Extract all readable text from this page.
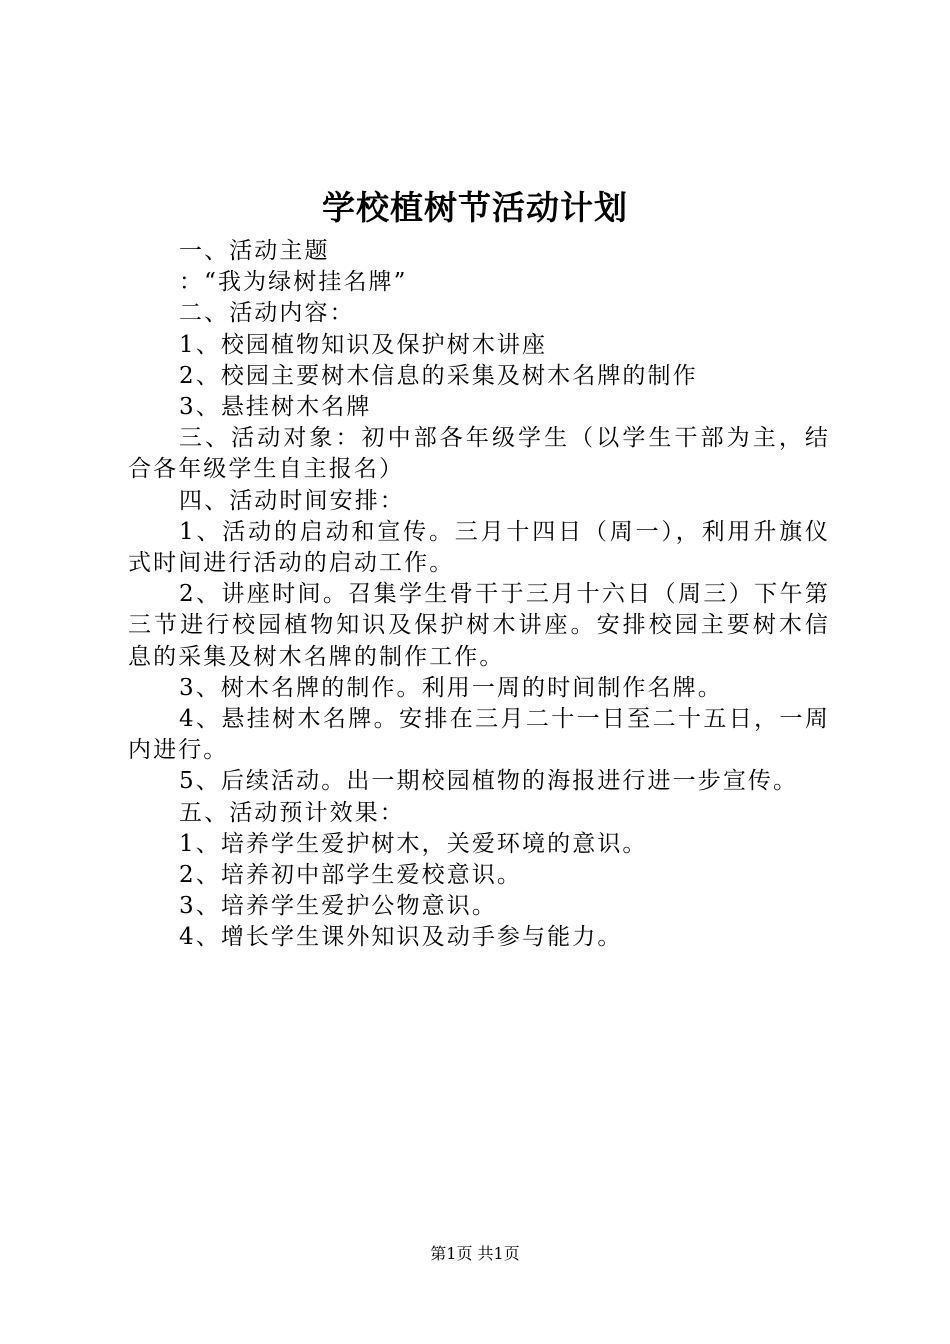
学校植树节活动计划

一、活动主题

：“我为绿树挂名牌”

二、活动内容：

1、校园植物知识及保护树木讲座

2、校园主要树木信息的采集及树木名牌的制作

3、悬挂树木名牌

三、活动对象：初中部各年级学生（以学生干部为主，结合各年级学生自主报名）

四、活动时间安排：

1、活动的启动和宣传。三月十四日（周一），利用升旗仪式时间进行活动的启动工作。

2、讲座时间。召集学生骨干于三月十六日（周三）下午第三节进行校园植物知识及保护树木讲座。安排校园主要树木信息的采集及树木名牌的制作工作。

3、树木名牌的制作。利用一周的时间制作名牌。

4、悬挂树木名牌。安排在三月二十一日至二十五日，一周内进行。

5、后续活动。出一期校园植物的海报进行进一步宣传。

五、活动预计效果：

1、培养学生爱护树木，关爱环境的意识。

2、培养初中部学生爱校意识。

3、培养学生爱护公物意识。

4、增长学生课外知识及动手参与能力。

第1页 共1页
